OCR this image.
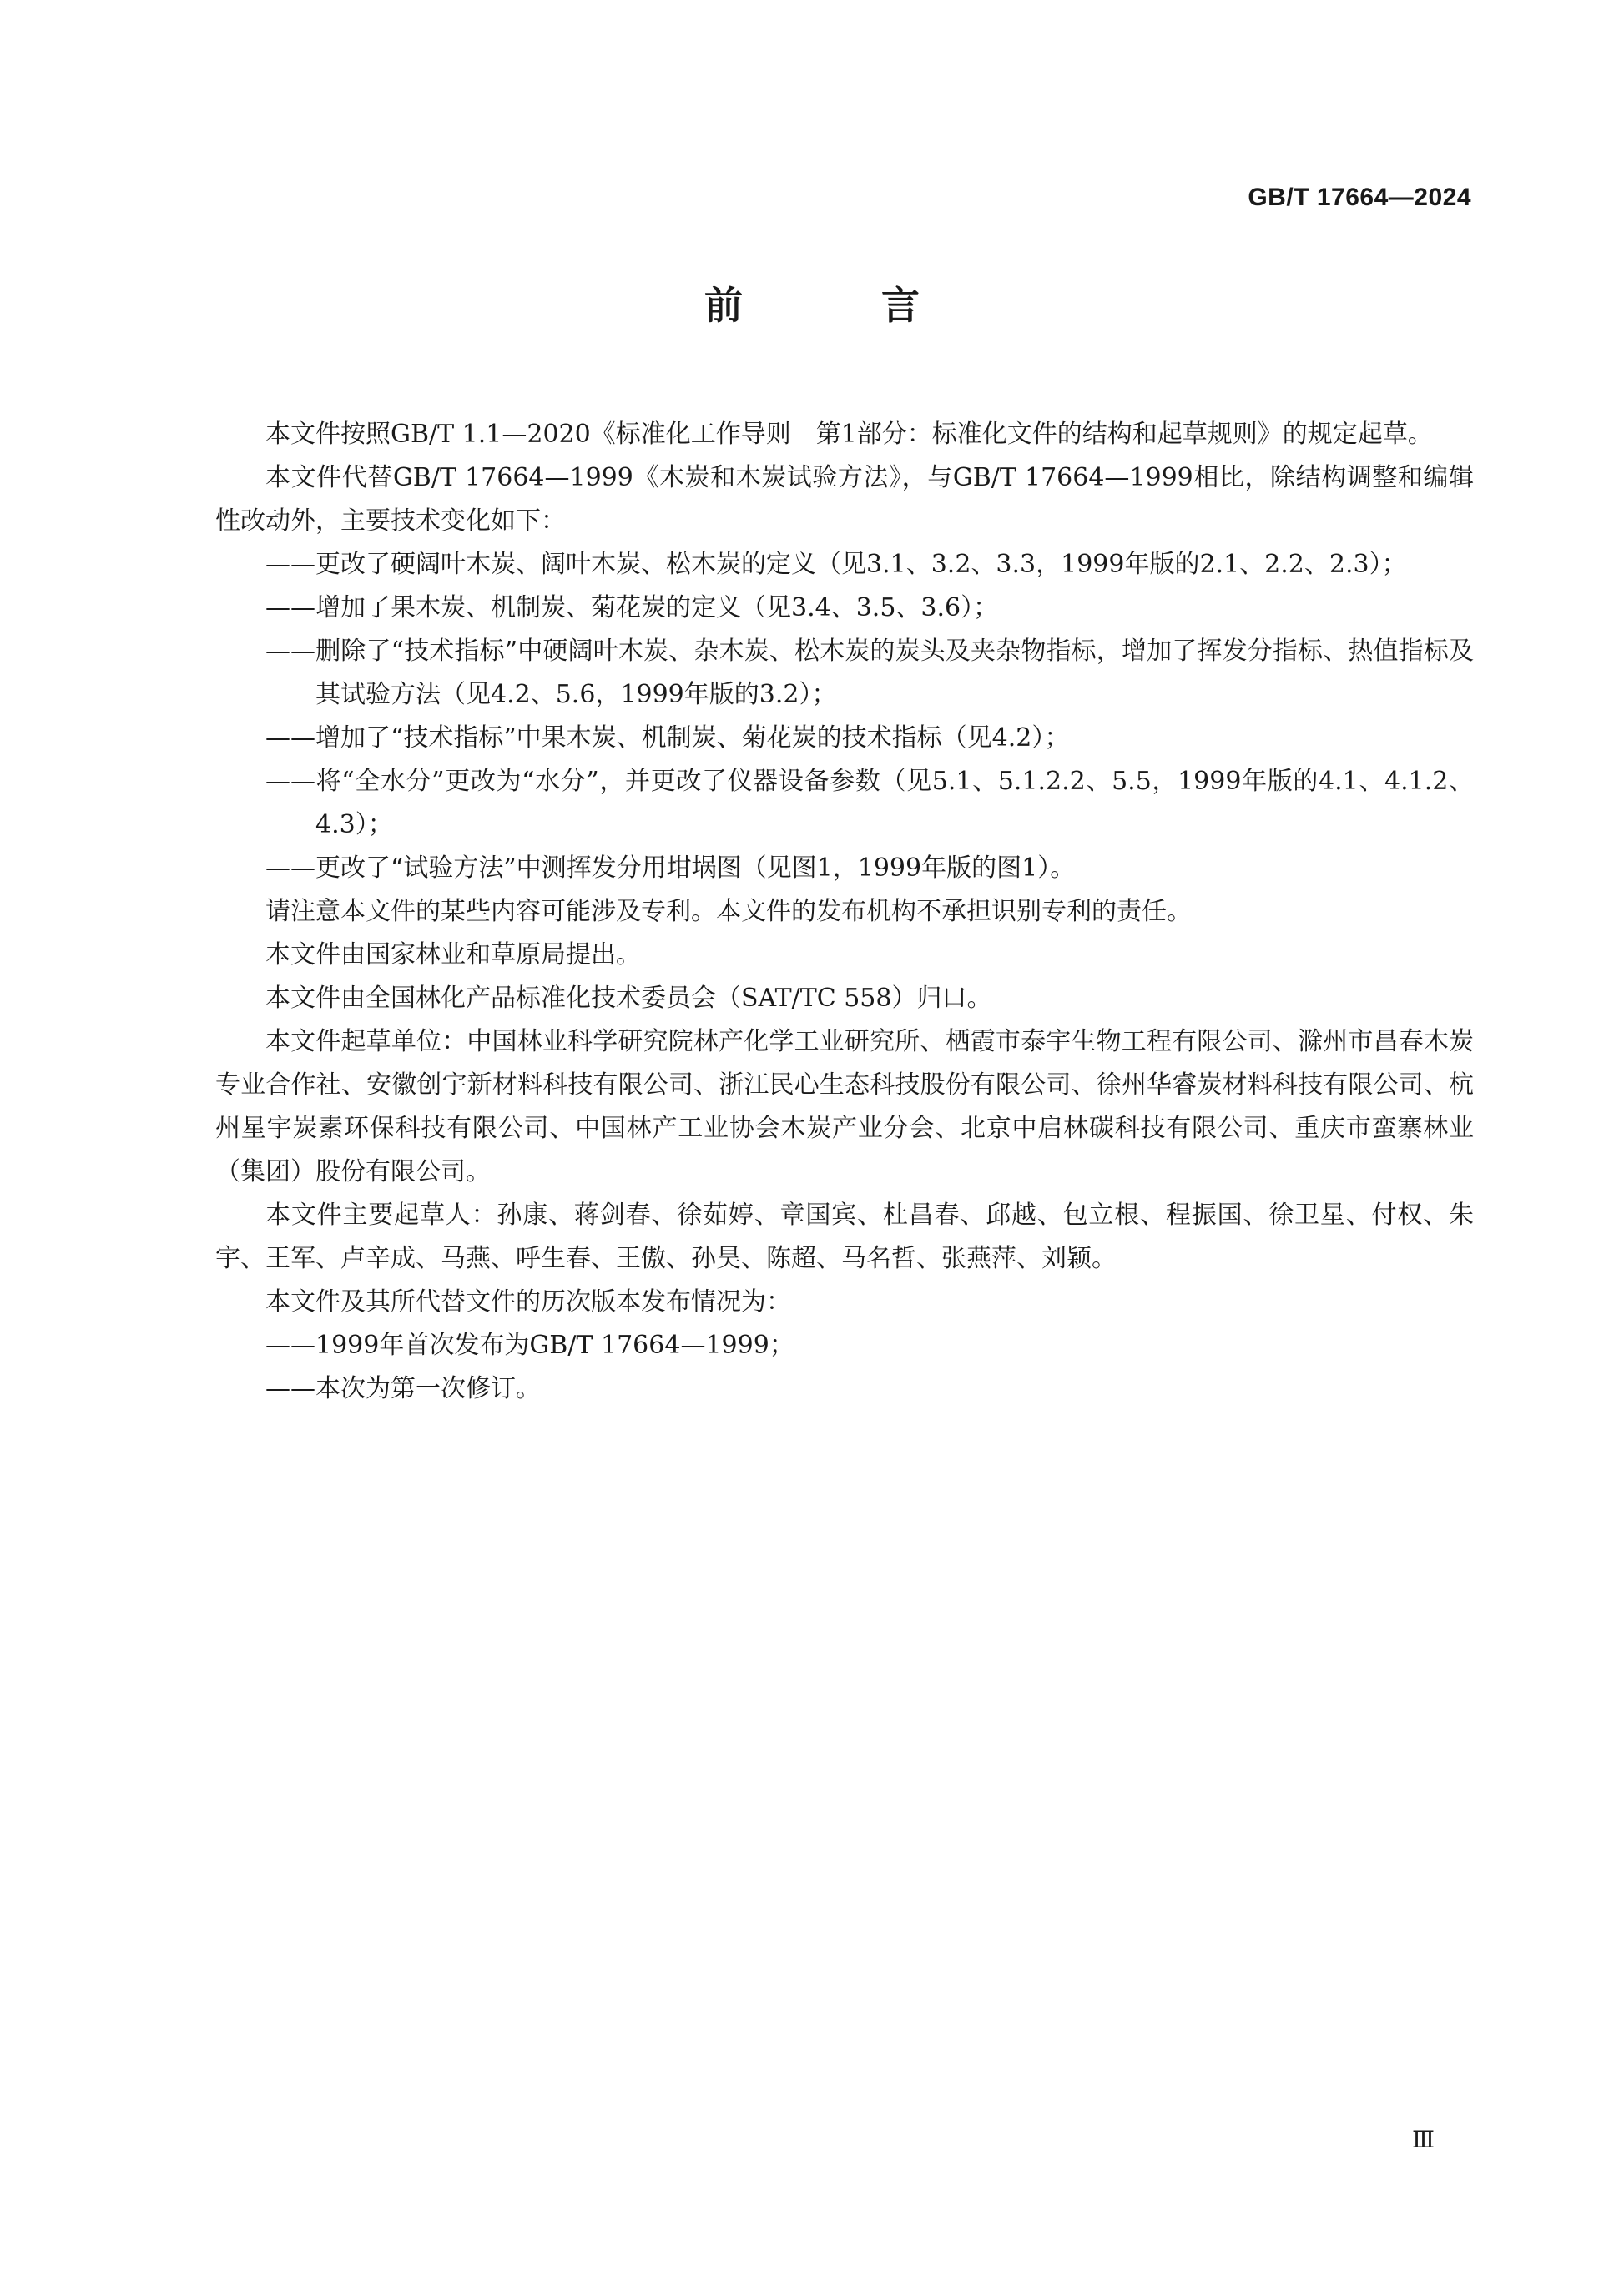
GB/T 17664—2024
前　言

本文件按照GB/T 1.1—2020《标准化工作导则　第1部分：标准化文件的结构和起草规则》的规定起草。

本文件代替GB/T 17664—1999《木炭和木炭试验方法》，与GB/T 17664—1999相比，除结构调整和编辑性改动外，主要技术变化如下：

——更改了硬阔叶木炭、阔叶木炭、松木炭的定义（见3.1、3.2、3.3，1999年版的2.1、2.2、2.3）；

——增加了果木炭、机制炭、菊花炭的定义（见3.4、3.5、3.6）；

——删除了“技术指标”中硬阔叶木炭、杂木炭、松木炭的炭头及夹杂物指标，增加了挥发分指标、热值指标及其试验方法（见4.2、5.6，1999年版的3.2）；

——增加了“技术指标”中果木炭、机制炭、菊花炭的技术指标（见4.2）；

——将“全水分”更改为“水分”，并更改了仪器设备参数（见5.1、5.1.2.2、5.5，1999年版的4.1、4.1.2、4.3）；

——更改了“试验方法”中测挥发分用坩埚图（见图1，1999年版的图1）。

请注意本文件的某些内容可能涉及专利。本文件的发布机构不承担识别专利的责任。

本文件由国家林业和草原局提出。

本文件由全国林化产品标准化技术委员会（SAT/TC 558）归口。

本文件起草单位：中国林业科学研究院林产化学工业研究所、栖霞市泰宇生物工程有限公司、滁州市昌春木炭专业合作社、安徽创宇新材料科技有限公司、浙江民心生态科技股份有限公司、徐州华睿炭材料科技有限公司、杭州星宇炭素环保科技有限公司、中国林产工业协会木炭产业分会、北京中启林碳科技有限公司、重庆市蛮寨林业（集团）股份有限公司。

本文件主要起草人：孙康、蒋剑春、徐茹婷、章国宾、杜昌春、邱越、包立根、程振国、徐卫星、付权、朱宇、王军、卢辛成、马燕、呼生春、王傲、孙昊、陈超、马名哲、张燕萍、刘颖。

本文件及其所代替文件的历次版本发布情况为：

——1999年首次发布为GB/T 17664—1999；

——本次为第一次修订。

Ⅲ
